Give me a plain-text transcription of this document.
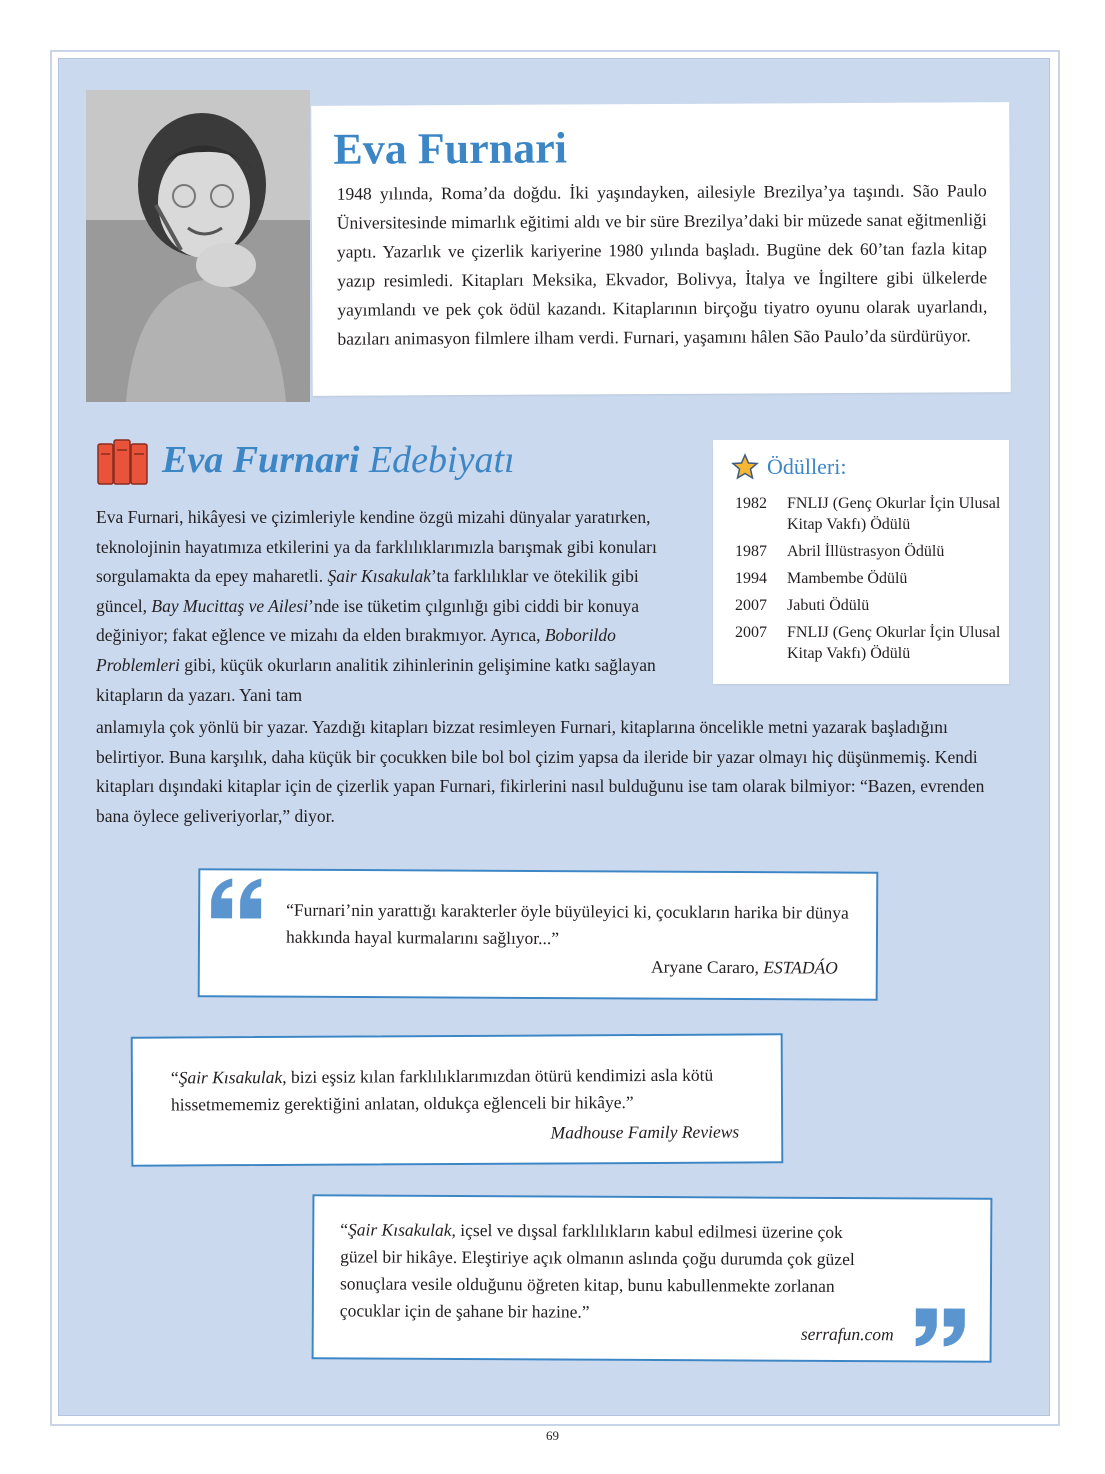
Eva Furnari

1948 yılında, Roma’da doğdu. İki yaşındayken, ailesiyle Brezilya’ya taşındı. São Paulo Üniversitesinde mimarlık eğitimi aldı ve bir süre Brezilya’daki bir müzede sanat eğitmenliği yaptı. Yazarlık ve çizerlik kariyerine 1980 yılında başladı. Bugüne dek 60’tan fazla kitap yazıp resimledi. Kitapları Meksika, Ekvador, Bolivya, İtalya ve İngiltere gibi ülkelerde yayımlandı ve pek çok ödül kazandı. Kitaplarının birçoğu tiyatro oyunu olarak uyarlandı, bazıları animasyon filmlere ilham verdi. Furnari, yaşamını hâlen São Paulo’da sürdürüyor.

Eva Furnari Edebiyatı	Ödülleri:
1982	FNLIJ (Genç Okurlar İçin Ulusal Kitap Vakfı) Ödülü
1987	Abril İllüstrasyon Ödülü
1994	Mambembe Ödülü
2007	Jabuti Ödülü
2007	FNLIJ (Genç Okurlar İçin Ulusal Kitap Vakfı) Ödülü

Eva Furnari, hikâyesi ve çizimleriyle kendine özgü mizahi dünyalar yaratırken, teknolojinin hayatımıza etkilerini ya da farklılıklarımızla barışmak gibi konuları sorgulamakta da epey maharetli. Şair Kısakulak’ta farklılıklar ve ötekilik gibi güncel, Bay Mucittaş ve Ailesi’nde ise tüketim çılgınlığı gibi ciddi bir konuya değiniyor; fakat eğlence ve mizahı da elden bırakmıyor. Ayrıca, Boborildo Problemleri gibi, küçük okurların analitik zihinlerinin gelişimine katkı sağlayan kitapların da yazarı. Yani tam

anlamıyla çok yönlü bir yazar. Yazdığı kitapları bizzat resimleyen Furnari, kitaplarına öncelikle metni yazarak başladığını belirtiyor. Buna karşılık, daha küçük bir çocukken bile bol bol çizim yapsa da ileride bir yazar olmayı hiç düşünmemiş. Kendi kitapları dışındaki kitaplar için de çizerlik yapan Furnari, fikirlerini nasıl bulduğunu ise tam olarak bilmiyor: “Bazen, evrenden bana öylece geliveriyorlar,” diyor.

“Furnari’nin yarattığı karakterler öyle büyüleyici ki, çocukların harika bir dünya hakkında hayal kurmalarını sağlıyor...”

Aryane Cararo, ESTADÁO

“Şair Kısakulak, bizi eşsiz kılan farklılıklarımızdan ötürü kendimizi asla kötü hissetmememiz gerektiğini anlatan, oldukça eğlenceli bir hikâye.”

Madhouse Family Reviews

“Şair Kısakulak, içsel ve dışsal farklılıkların kabul edilmesi üzerine çok güzel bir hikâye. Eleştiriye açık olmanın aslında çoğu durumda çok güzel sonuçlara vesile olduğunu öğreten kitap, bunu kabullenmekte zorlanan çocuklar için de şahane bir hazine.”

serrafun.com

69
